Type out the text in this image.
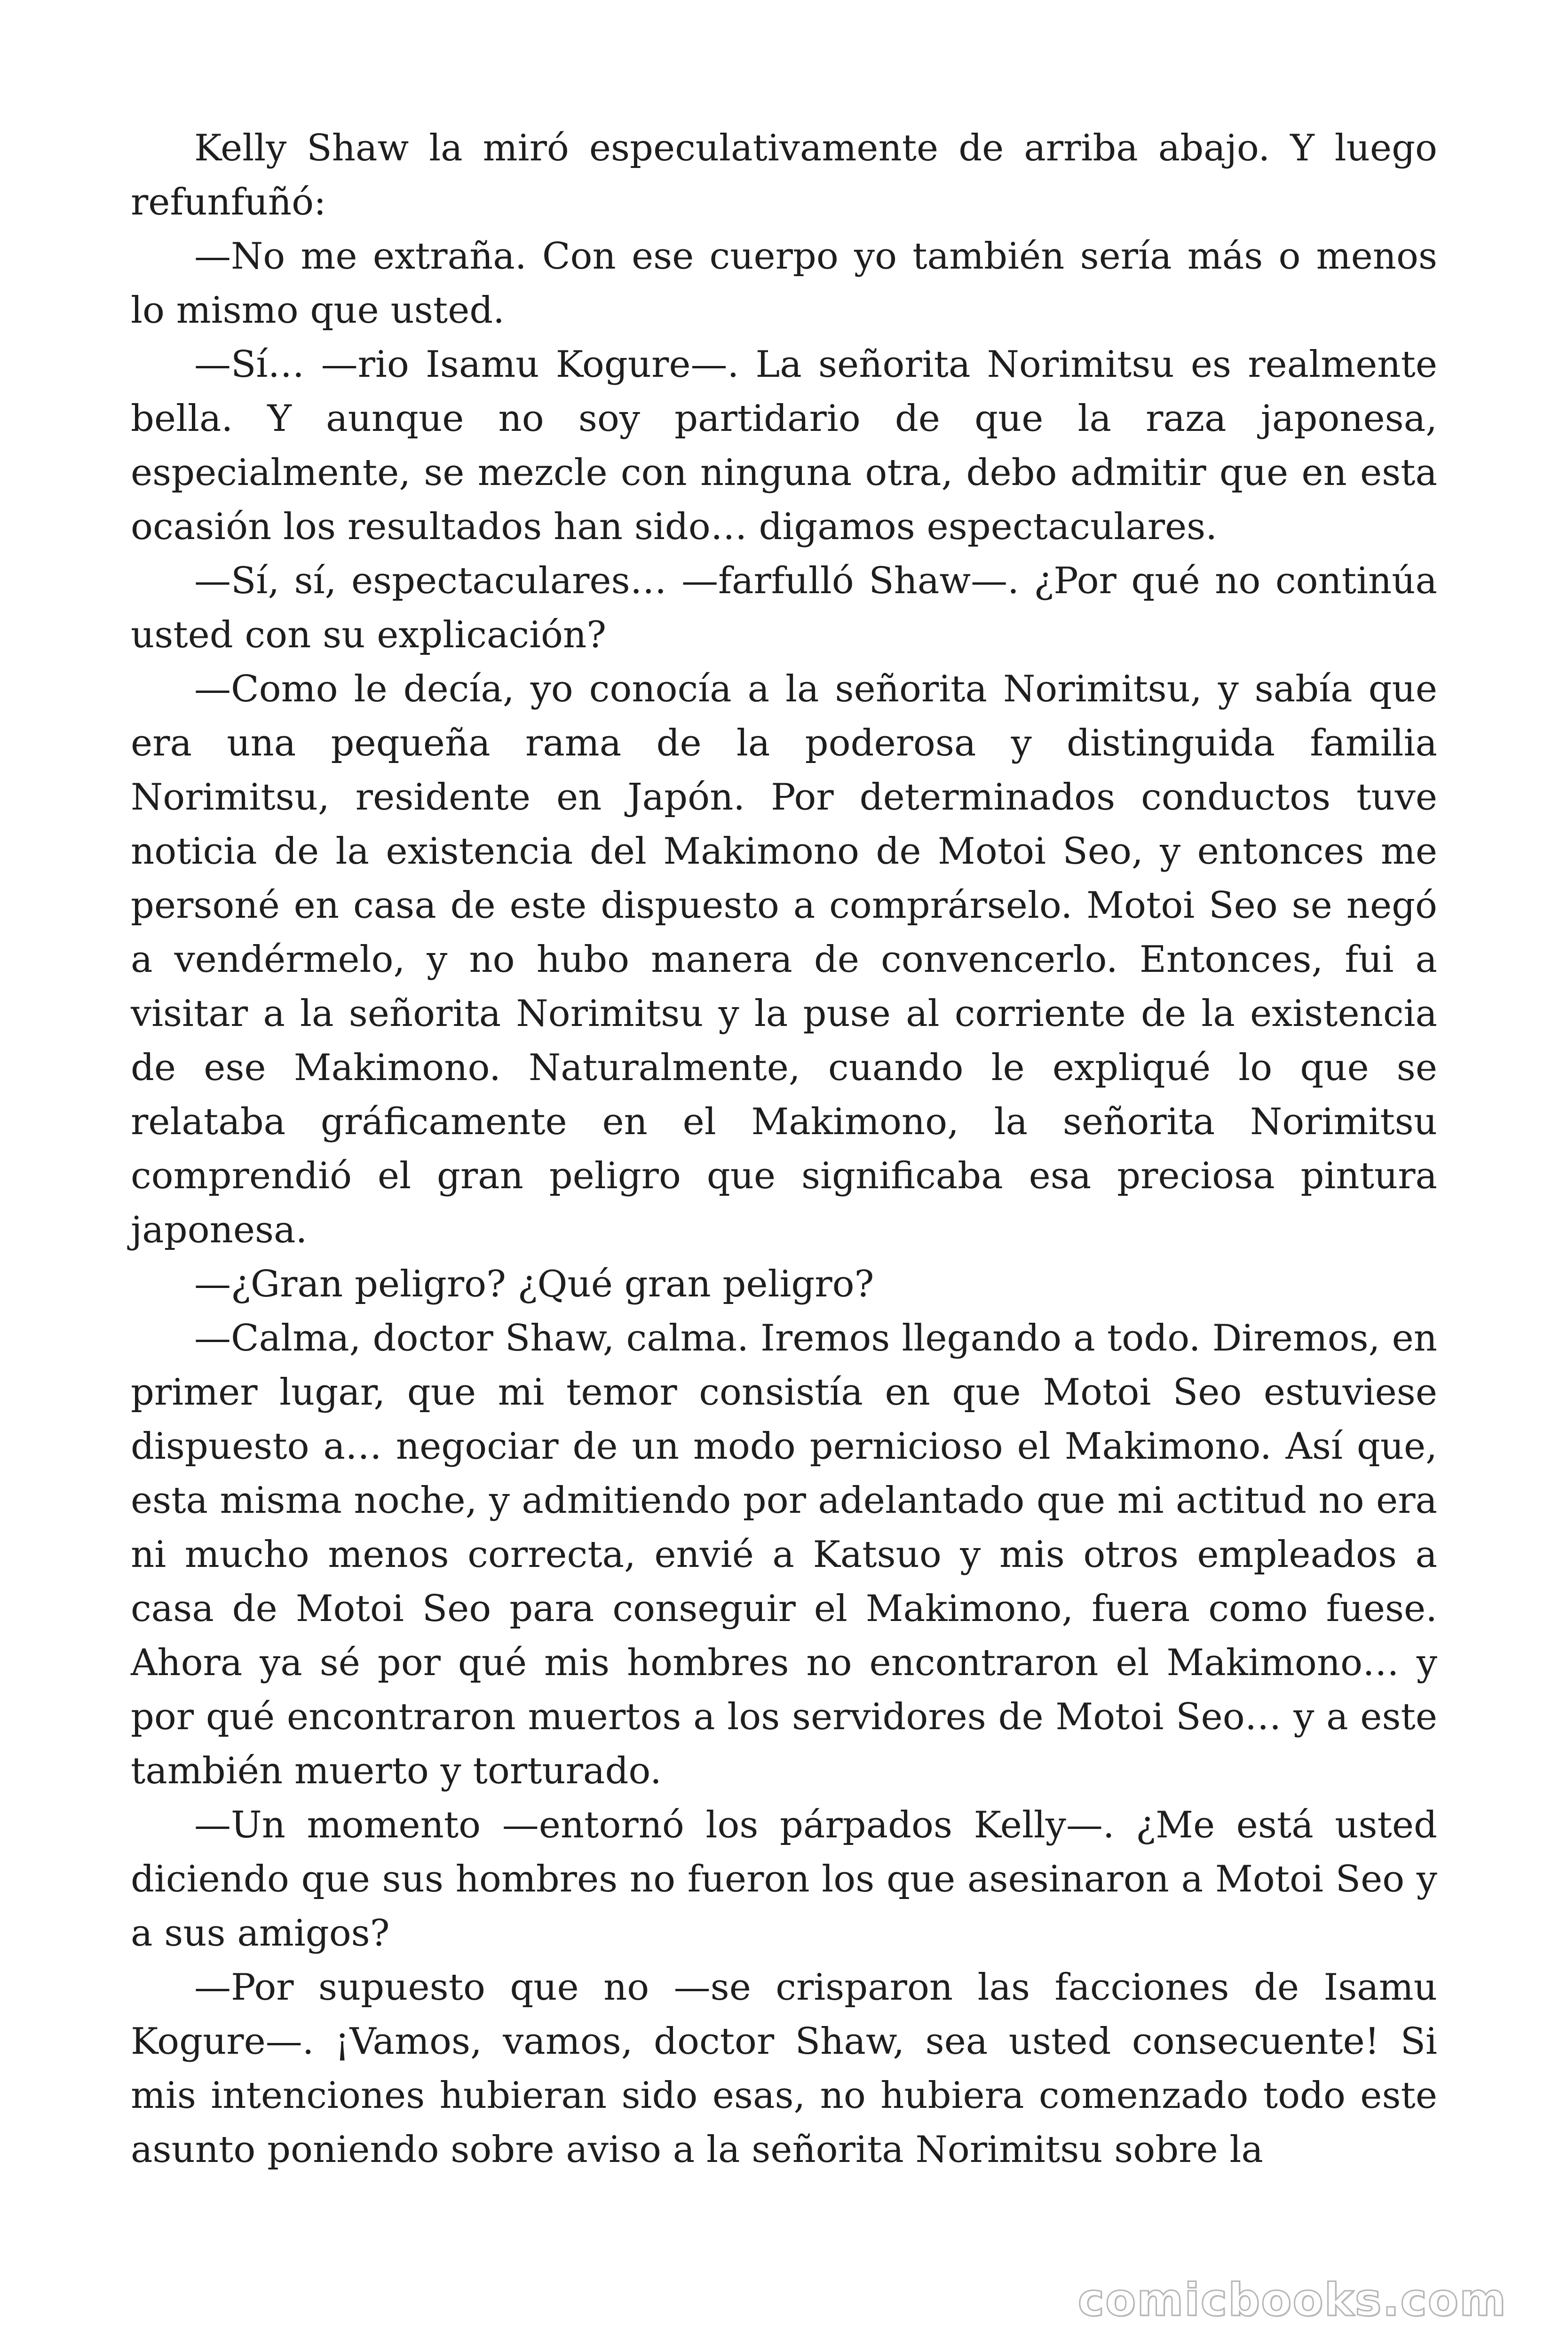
Kelly Shaw la miró especulativamente de arriba abajo. Y luego refunfuñó:

—No me extraña. Con ese cuerpo yo también sería más o menos lo mismo que usted.

—Sí… —rio Isamu Kogure—. La señorita Norimitsu es realmente bella. Y aunque no soy partidario de que la raza japonesa, especialmente, se mezcle con ninguna otra, debo admitir que en esta ocasión los resultados han sido… digamos espectaculares.

—Sí, sí, espectaculares… —farfulló Shaw—. ¿Por qué no continúa usted con su explicación?

—Como le decía, yo conocía a la señorita Norimitsu, y sabía que era una pequeña rama de la poderosa y distinguida familia Norimitsu, residente en Japón. Por determinados conductos tuve noticia de la existencia del Makimono de Motoi Seo, y entonces me personé en casa de este dispuesto a comprárselo. Motoi Seo se negó a vendérmelo, y no hubo manera de convencerlo. Entonces, fui a visitar a la señorita Norimitsu y la puse al corriente de la existencia de ese Makimono. Naturalmente, cuando le expliqué lo que se relataba gráficamente en el Makimono, la señorita Norimitsu comprendió el gran peligro que significaba esa preciosa pintura japonesa.

—¿Gran peligro? ¿Qué gran peligro?

—Calma, doctor Shaw, calma. Iremos llegando a todo. Diremos, en primer lugar, que mi temor consistía en que Motoi Seo estuviese dispuesto a… negociar de un modo pernicioso el Makimono. Así que, esta misma noche, y admitiendo por adelantado que mi actitud no era ni mucho menos correcta, envié a Katsuo y mis otros empleados a casa de Motoi Seo para conseguir el Makimono, fuera como fuese. Ahora ya sé por qué mis hombres no encontraron el Makimono… y por qué encontraron muertos a los servidores de Motoi Seo… y a este también muerto y torturado.

—Un momento —entornó los párpados Kelly—. ¿Me está usted diciendo que sus hombres no fueron los que asesinaron a Motoi Seo y a sus amigos?

—Por supuesto que no —se crisparon las facciones de Isamu Kogure—. ¡Vamos, vamos, doctor Shaw, sea usted consecuente! Si mis intenciones hubieran sido esas, no hubiera comenzado todo este asunto poniendo sobre aviso a la señorita Norimitsu sobre la

comicbooks.com
